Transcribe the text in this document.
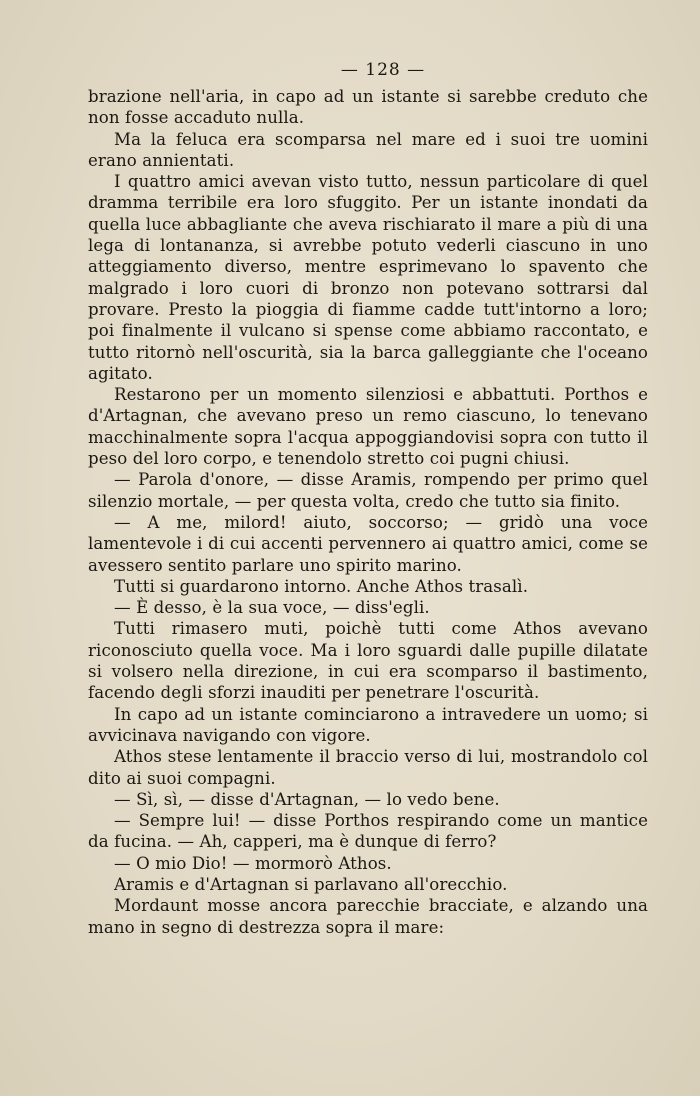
— 128 —

brazione nell'aria, in capo ad un istante si sarebbe creduto che non fosse accaduto nulla.

Ma la feluca era scomparsa nel mare ed i suoi tre uomini erano annientati.

I quattro amici avevan visto tutto, nessun particolare di quel dramma terribile era loro sfuggito. Per un istante inondati da quella luce abbagliante che aveva rischiarato il mare a più di una lega di lontananza, si avrebbe potuto vederli ciascuno in uno atteggiamento diverso, mentre esprimevano lo spavento che malgrado i loro cuori di bronzo non potevano sottrarsi dal provare. Presto la pioggia di fiamme cadde tutt'intorno a loro; poi finalmente il vulcano si spense come abbiamo raccontato, e tutto ritornò nell'oscurità, sia la barca galleggiante che l'oceano agitato.

Restarono per un momento silenziosi e abbattuti. Porthos e d'Artagnan, che avevano preso un remo ciascuno, lo tenevano macchinalmente sopra l'acqua appoggiandovisi sopra con tutto il peso del loro corpo, e tenendolo stretto coi pugni chiusi.

— Parola d'onore, — disse Aramis, rompendo per primo quel silenzio mortale, — per questa volta, credo che tutto sia finito.

— A me, milord! aiuto, soccorso; — gridò una voce lamentevole i di cui accenti pervennero ai quattro amici, come se avessero sentito parlare uno spirito marino.

Tutti si guardarono intorno. Anche Athos trasalì.

— È desso, è la sua voce, — diss'egli.

Tutti rimasero muti, poichè tutti come Athos avevano riconosciuto quella voce. Ma i loro sguardi dalle pupille dilatate si volsero nella direzione, in cui era scomparso il bastimento, facendo degli sforzi inauditi per penetrare l'oscurità.

In capo ad un istante cominciarono a intravedere un uomo; si avvicinava navigando con vigore.

Athos stese lentamente il braccio verso di lui, mostrandolo col dito ai suoi compagni.

— Sì, sì, — disse d'Artagnan, — lo vedo bene.

— Sempre lui! — disse Porthos respirando come un mantice da fucina. — Ah, capperi, ma è dunque di ferro?

— O mio Dio! — mormorò Athos.

Aramis e d'Artagnan si parlavano all'orecchio.

Mordaunt mosse ancora parecchie bracciate, e alzando una mano in segno di destrezza sopra il mare:
